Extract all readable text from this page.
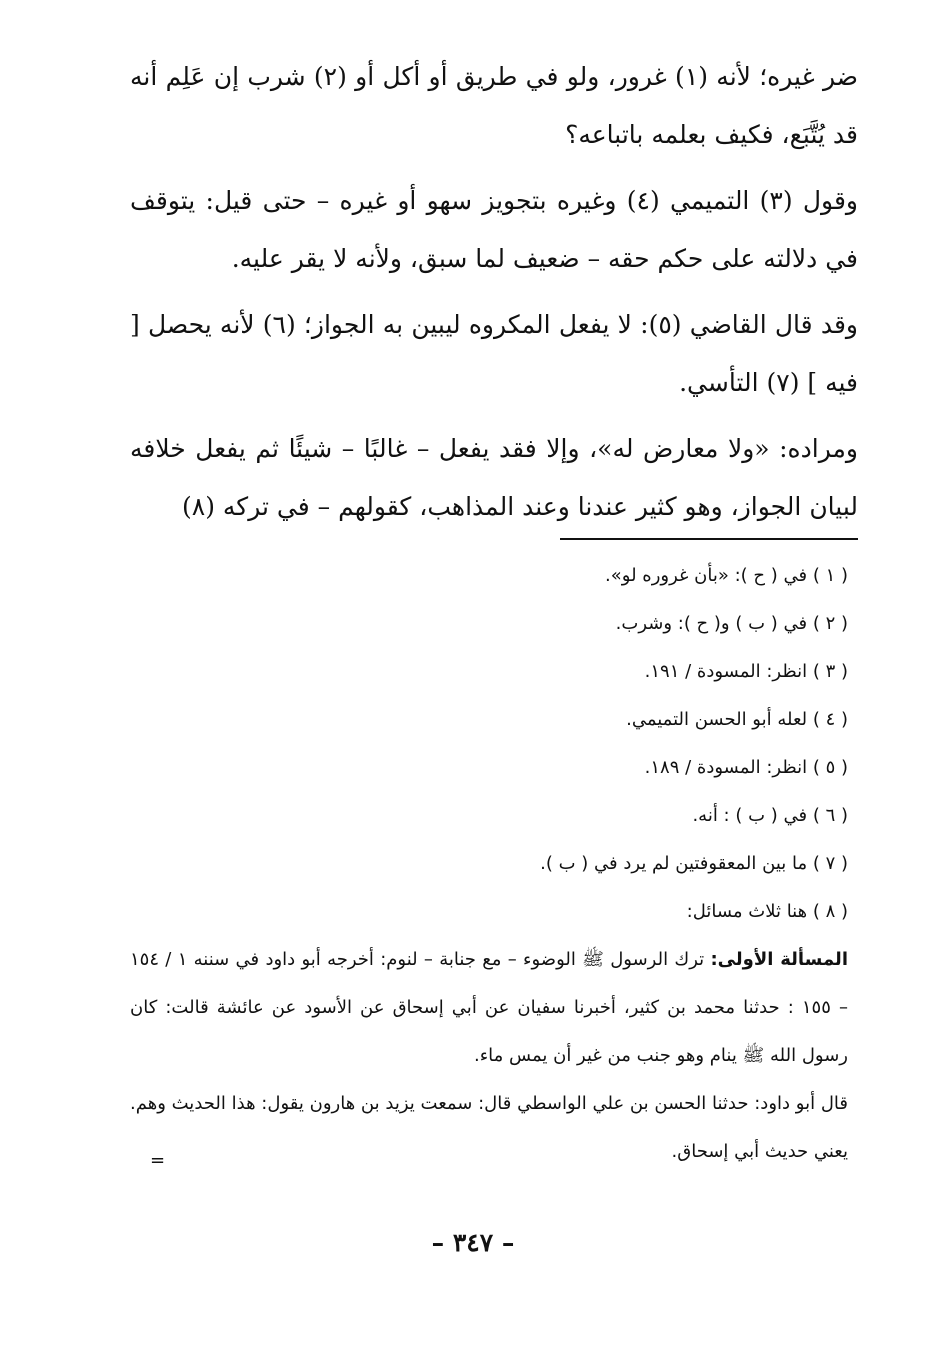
ضر غيره؛ لأنه (١) غرور، ولو في طريق أو أكل أو (٢) شرب إن عَلِم أنه قد يُتَّبَع، فكيف بعلمه باتباعه؟

وقول (٣) التميمي (٤) وغيره بتجويز سهو أو غيره – حتى قيل: يتوقف في دلالته على حكم حقه – ضعيف لما سبق، ولأنه لا يقر عليه.

وقد قال القاضي (٥): لا يفعل المكروه ليبين به الجواز؛ (٦) لأنه يحصل [ فيه ] (٧) التأسي.

ومراده: «ولا معارض له»، وإلا فقد يفعل – غالبًا – شيئًا ثم يفعل خلافه لبيان الجواز، وهو كثير عندنا وعند المذاهب، كقولهم – في تركه (٨)

( ١ ) في ( ح ): «بأن غروره لو».

( ٢ ) في ( ب ) و( ح ): وشرب.

( ٣ ) انظر: المسودة / ١٩١.

( ٤ ) لعله أبو الحسن التميمي.

( ٥ ) انظر: المسودة / ١٨٩.

( ٦ ) في ( ب ) : أنه.

( ٧ ) ما بين المعقوفتين لم يرد في ( ب ).

( ٨ ) هنا ثلاث مسائل:

المسألة الأولى: ترك الرسول ﷺ الوضوء – مع جنابة – لنوم: أخرجه أبو داود في سننه ١ / ١٥٤ – ١٥٥ : حدثنا محمد بن كثير، أخبرنا سفيان عن أبي إسحاق عن الأسود عن عائشة قالت: كان رسول الله ﷺ ينام وهو جنب من غير أن يمس ماء.

قال أبو داود: حدثنا الحسن بن علي الواسطي قال: سمعت يزيد بن هارون يقول: هذا الحديث وهم. يعني حديث أبي إسحاق.

=
– ٣٤٧ –
